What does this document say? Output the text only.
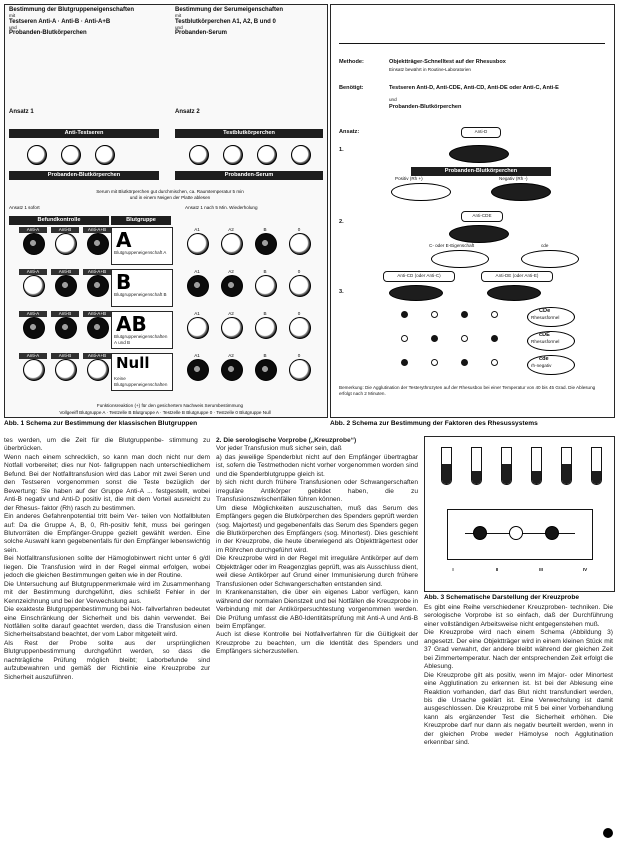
Bestimmung der Blutgruppeneigenschaften
mit
Testseren Anti-A · Anti-B · Anti-A+B
und
Probanden-Blutkörperchen
Bestimmung der Serumeigenschaften
mit
Testblutkörperchen A1, A2, B und 0
und
Probanden-Serum
Ansatz 1	Ansatz 2
Anti-Testseren	Testblutkörperchen
Probanden-Blutkörperchen	Probanden-Serum
Serum mit Blutkörperchen gut durchmischen, ca. Raumtemperatur 5 min
und in einem Neigen der Platte ablesen
Ansatz 1 sofort	Ansatz 1 nach 5 Min. Wiederholung
Befundkontrolle	Blutgruppe
Anti-A	Anti-B	Anti-A+B	A1	A2	B	0
A
Blutgruppeneigenschaft A
Anti-A	Anti-B	Anti-A+B	A1	A2	B	0
B
Blutgruppeneigenschaft B
Anti-A	Anti-B	Anti-A+B	A1	A2	B	0
AB
Blutgruppeneigenschaften A und B
Anti-A	Anti-B	Anti-A+B	A1	A2	B	0
Null
Keine Blutgruppeneigenschaften
Funktionsreaktion (+) für den gesichertem Nachweis Serumbestimmung
Vollgeeiff Blutgruppe A · Testzelle B Blutgruppe A · Testzelle B Blutgruppe 0 · Testzelle 0 Blutgruppe Null
Abb. 1 Schema zur Bestimmung der klassischen Blutgruppen
Methode:	Objektträger-Schnelltest auf der Rhesusbox
Einsatz bewährt in Routine-Laboratorien
Benötigt:	Testseren Anti-D, Anti-CDE, Anti-CD, Anti-DE oder Anti-C, Anti-E
und
Probanden-Blutkörperchen
Ansatz:	Anti-D
1.
Probanden-Blutkörperchen
Positiv (Rh +)	Negativ (Rh -)
Anti-CDE
2.
C- oder E-Eigenschaft	cde
Anti-CD (oder Anti-C)	Anti-DE (oder Anti-E)
3.
CDe
Rhesusformel
cDE
Rhesusformel
cde
rh-negativ
Bemerkung: Die Agglutination der Testerythrozyten auf der Rhesusbox bei einer Temperatur von 40 bis 45 Grad. Die Ablesung erfolgt nach 2 Minuten.
Abb. 2 Schema zur Bestimmung der Faktoren des Rhesussystems
I	II	III	IV
Abb. 3 Schematische Darstellung der Kreuzprobe

tes werden, um die Zeit für die Blutgruppenbe- stimmung zu überbrücken.

Wenn nach einem schrecklich, so kann man doch nicht nur dem Notfall vorbereitet; dies nur Not- fallgruppen nach unterschiedlichem Befund. Bei der Notfalltransfusion wird das Labor mit zwei Seren und den Testseren vorgenommen sonst die Teste bezüglich der Bewertung: Sie haben auf der Gruppe Anti-A ... festgestellt, wobei Anti-B negativ und Anti-D positiv ist, die mit dem Vorteil ausreicht zu der Rhesus- faktor (Rh) rasch zu bestimmen.

Ein anderes Gefahrenpotential tritt beim Ver- teilen von Notfallbluten auf: Da die Gruppe A, B, 0, Rh-positiv fehlt, muss bei geringen Blutvorräten die Empfänger-Gruppe gezielt gewählt werden. Eine solche Auswahl kann gegebenenfalls für den Empfänger lebenswichtig sein.

Bei Notfalltransfusionen sollte der Hämoglobinwert nicht unter 6 g/dl liegen. Die Transfusion wird in der Regel einmal erfolgen, wobei jedoch die gleichen Bestimmungen gelten wie in der Routine.

Die Untersuchung auf Blutgruppenmerkmale wird im Zusammenhang mit der Bestimmung durchgeführt, dies schließt Fehler in der Kennzeichnung und bei der Verwechslung aus.

Die exakteste Blutgruppenbestimmung bei Not- fallverfahren bedeutet eine Einschränkung der Sicherheit und bis dahin verwendet. Bei Notfällen sollte darauf geachtet werden, dass die Transfusion einen Sicherheitsabstand beachtet, der vom Labor mitgeteilt wird.

Als Rest der Probe sollte aus der ursprünglichen Blutgruppenbestimmung durchgeführt werden, so dass die nachträgliche Prüfung möglich bleibt; Laborbefunde sind aufzubewahren und gemäß der Richtlinie eine Kreuzprobe zur Sicherheit auszuführen.

2. Die serologische Vorprobe („Kreuzprobe“)

Vor jeder Transfusion muß sicher sein, daß

a) das jeweilige Spenderblut nicht auf den Empfänger übertragbar ist, sofern die Testmethoden nicht vorher vorgenommen worden sind und die Spenderblutgruppe gleich ist.

b) sich nicht durch frühere Transfusionen oder Schwangerschaften irreguläre Antikörper gebildet haben, die zu Transfusionszwischenfällen führen können.

Um diese Möglichkeiten auszuschalten, muß das Serum des Empfängers gegen die Blutkörperchen des Spenders geprüft werden (sog. Majortest) und gegebenenfalls das Serum des Spenders gegen die Blutkörperchen des Empfängers (sog. Minortest). Dies geschieht in der Kreuzprobe, die heute überwiegend als Objektträgertest oder im Röhrchen durchgeführt wird.

Die Kreuzprobe wird in der Regel mit irreguläre Antikörper auf dem Objektträger oder im Reagenzglas geprüft, was als Ausschluss dient, weil diese Antikörper auf Grund einer Immunisierung durch frühere Transfusionen oder Schwangerschaften entstanden sind.

In Krankenanstalten, die über ein eigenes Labor verfügen, kann während der normalen Dienstzeit und bei Notfällen die Kreuzprobe in Verbindung mit der Antikörpersuchtestung vorgenommen werden. Die Prüfung umfasst die AB0-Identitätsprüfung mit Anti-A und Anti-B beim Empfänger.

Auch ist diese Kontrolle bei Notfallverfahren für die Gültigkeit der Kreuzprobe zu beachten, um die Identität des Spenders und Empfängers sicherzustellen.

Es gibt eine Reihe verschiedener Kreuzproben- techniken. Die serologische Vorprobe ist so einfach, daß der Durchführung einer vollständigen Arbeitsweise nicht entgegenstehen muß.

Die Kreuzprobe wird nach einem Schema (Abbildung 3) angesetzt. Der eine Objektträger wird in einem kleinen Stück mit 37 Grad verwahrt, der andere bleibt während der gleichen Zeit bei Zimmertemperatur. Nach der entsprechenden Zeit erfolgt die Ablesung.

Die Kreuzprobe gilt als positiv, wenn im Major- oder Minortest eine Agglutination zu erkennen ist. Ist bei der Ablesung eine Reaktion vorhanden, darf das Blut nicht transfundiert werden, bis die Ursache geklärt ist. Eine Verwechslung ist damit ausgeschlossen. Die Kreuzprobe mit 5 bei einer Vorbehandlung kann als ergänzender Test die Sicherheit erhöhen. Die Kreuzprobe darf nur dann als negativ beurteilt werden, wenn in der gleichen Probe weder Hämolyse noch Agglutination erkennbar sind.
